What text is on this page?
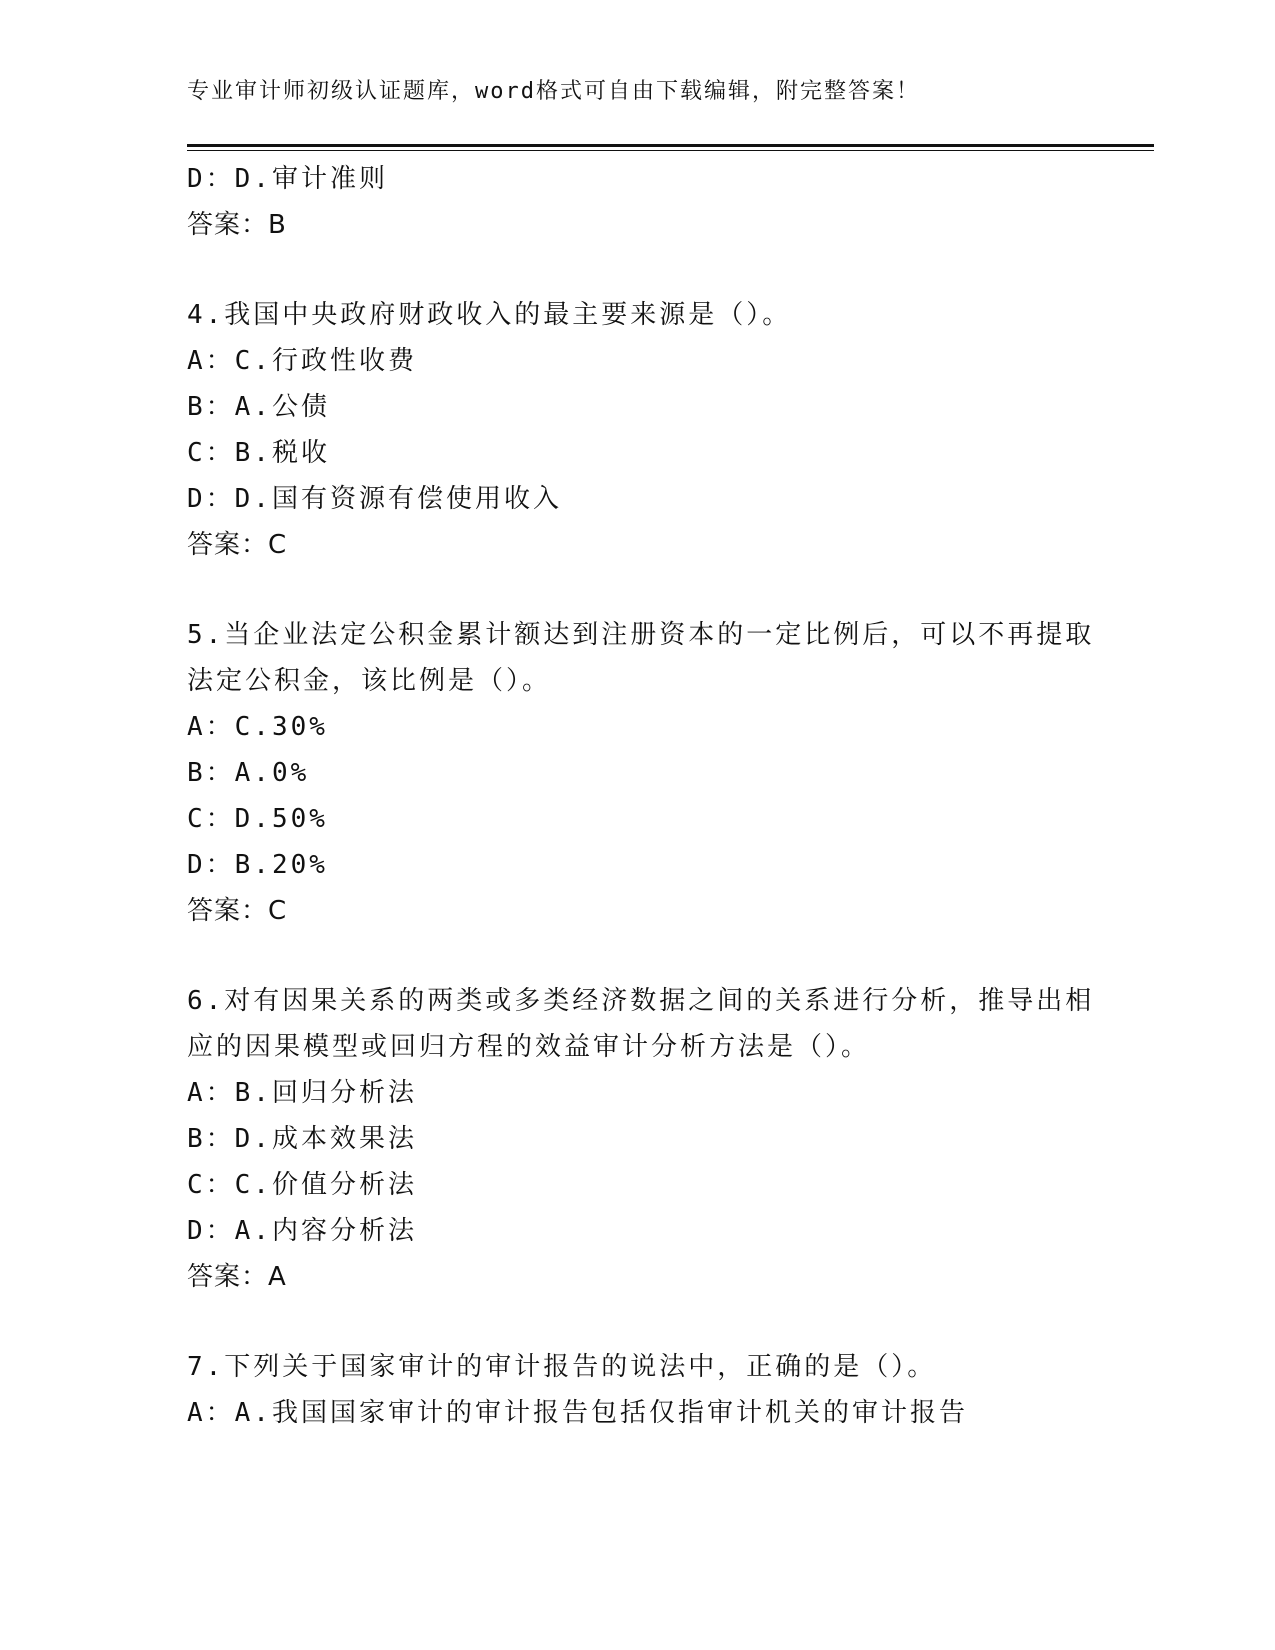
专业审计师初级认证题库，word格式可自由下载编辑，附完整答案！
D：D.审计准则
答案：B
4.我国中央政府财政收入的最主要来源是（）。
A：C.行政性收费
B：A.公债
C：B.税收
D：D.国有资源有偿使用收入
答案：C
5.当企业法定公积金累计额达到注册资本的一定比例后，可以不再提取法定公积金，该比例是（）。
A：C.30%
B：A.0%
C：D.50%
D：B.20%
答案：C
6.对有因果关系的两类或多类经济数据之间的关系进行分析，推导出相应的因果模型或回归方程的效益审计分析方法是（）。
A：B.回归分析法
B：D.成本效果法
C：C.价值分析法
D：A.内容分析法
答案：A
7.下列关于国家审计的审计报告的说法中，正确的是（）。
A：A.我国国家审计的审计报告包括仅指审计机关的审计报告
